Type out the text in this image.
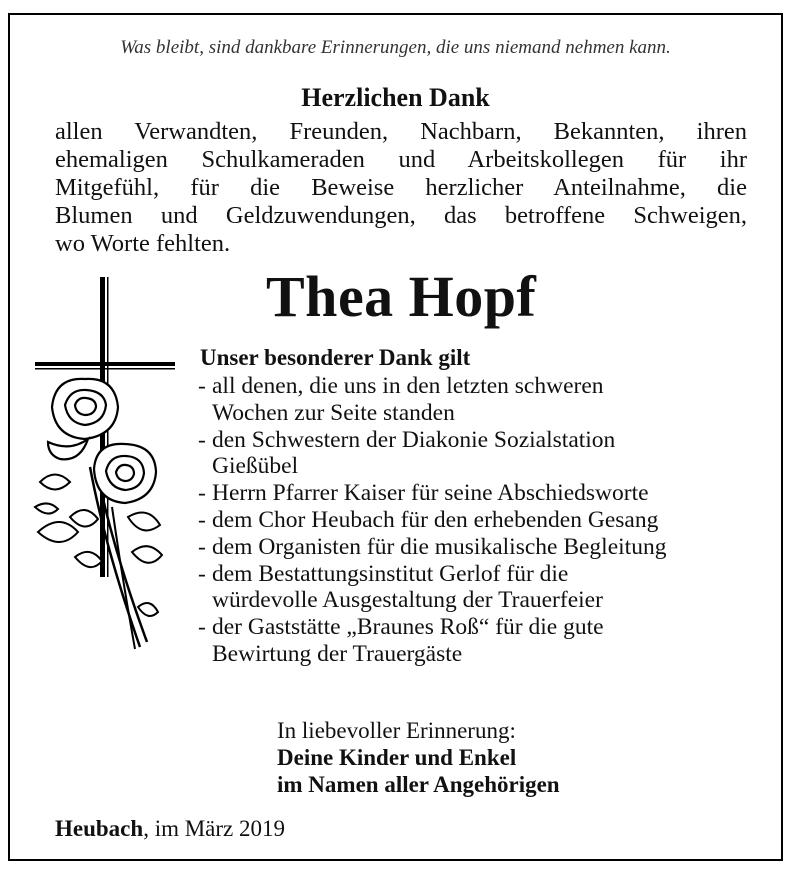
Was bleibt, sind dankbare Erinnerungen, die uns niemand nehmen kann.
Herzlichen Dank
allen Verwandten, Freunden, Nachbarn, Bekannten, ihren
ehemaligen Schulkameraden und Arbeitskollegen für ihr
Mitgefühl, für die Beweise herzlicher Anteilnahme, die
Blumen und Geldzuwendungen, das betroffene Schweigen,
wo Worte fehlten.
Thea Hopf
Unser besonderer Dank gilt
- all denen, die uns in den letzten schweren
Wochen zur Seite standen
- den Schwestern der Diakonie Sozialstation
Gießübel
- Herrn Pfarrer Kaiser für seine Abschiedsworte
- dem Chor Heubach für den erhebenden Gesang
- dem Organisten für die musikalische Begleitung
- dem Bestattungsinstitut Gerlof für die
würdevolle Ausgestaltung der Trauerfeier
- der Gaststätte „Braunes Roß“ für die gute
Bewirtung der Trauergäste
In liebevoller Erinnerung:
Deine Kinder und Enkel
im Namen aller Angehörigen
Heubach, im März 2019
